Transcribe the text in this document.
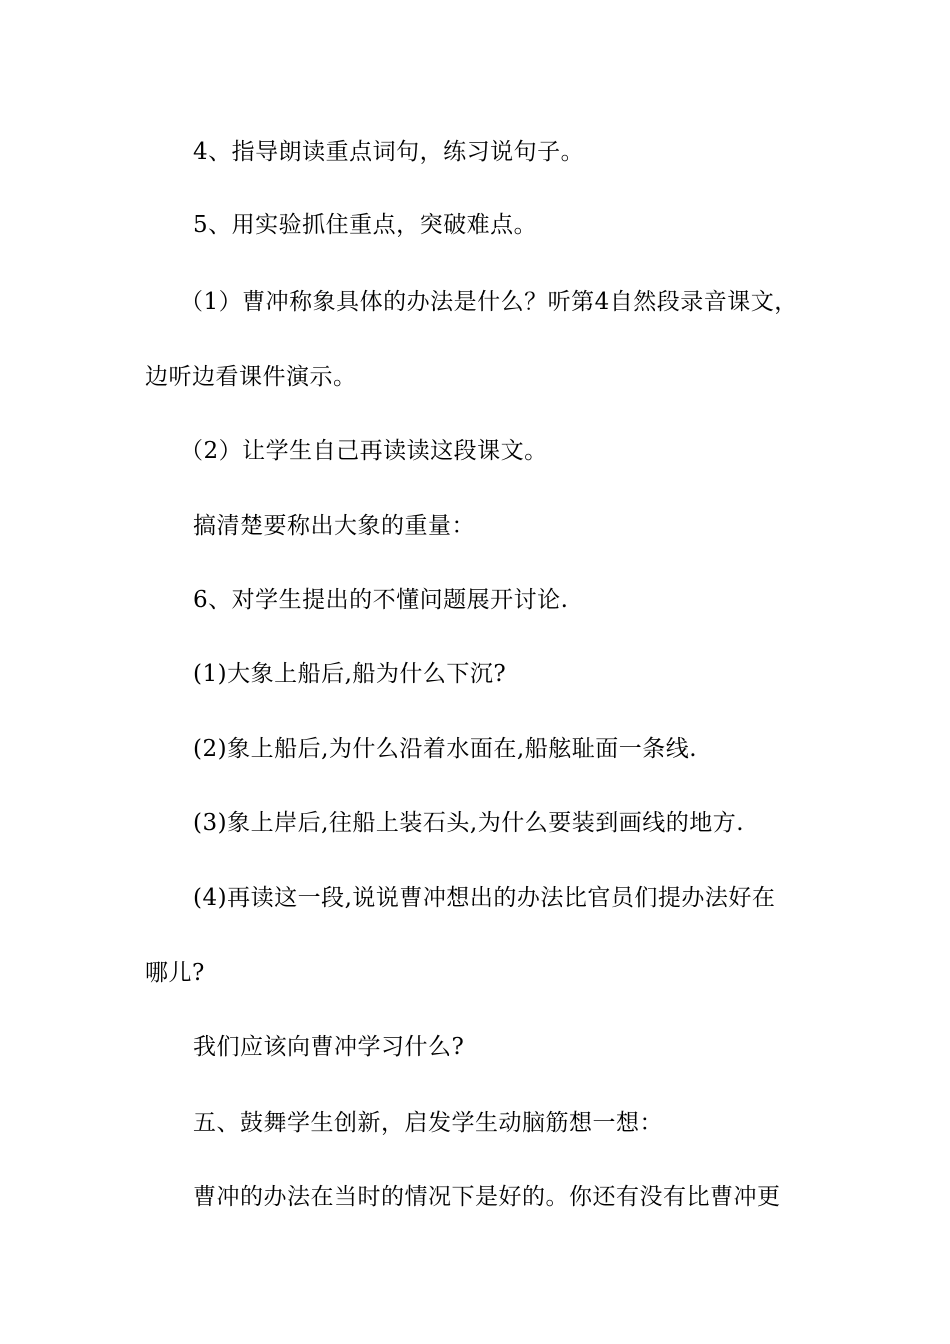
4、指导朗读重点词句，练习说句子。
5、用实验抓住重点，突破难点。
（1）曹冲称象具体的办法是什么？听第4自然段录音课文，
边听边看课件演示。
（2）让学生自己再读读这段课文。
搞清楚要称出大象的重量：
6、对学生提出的不懂问题展开讨论.
(1)大象上船后,船为什么下沉?
(2)象上船后,为什么沿着水面在,船舷耻面一条线.
(3)象上岸后,往船上装石头,为什么要装到画线的地方.
(4)再读这一段,说说曹冲想出的办法比官员们提办法好在
哪儿?
我们应该向曹冲学习什么?
五、鼓舞学生创新，启发学生动脑筋想一想：
曹冲的办法在当时的情况下是好的。你还有没有比曹冲更
